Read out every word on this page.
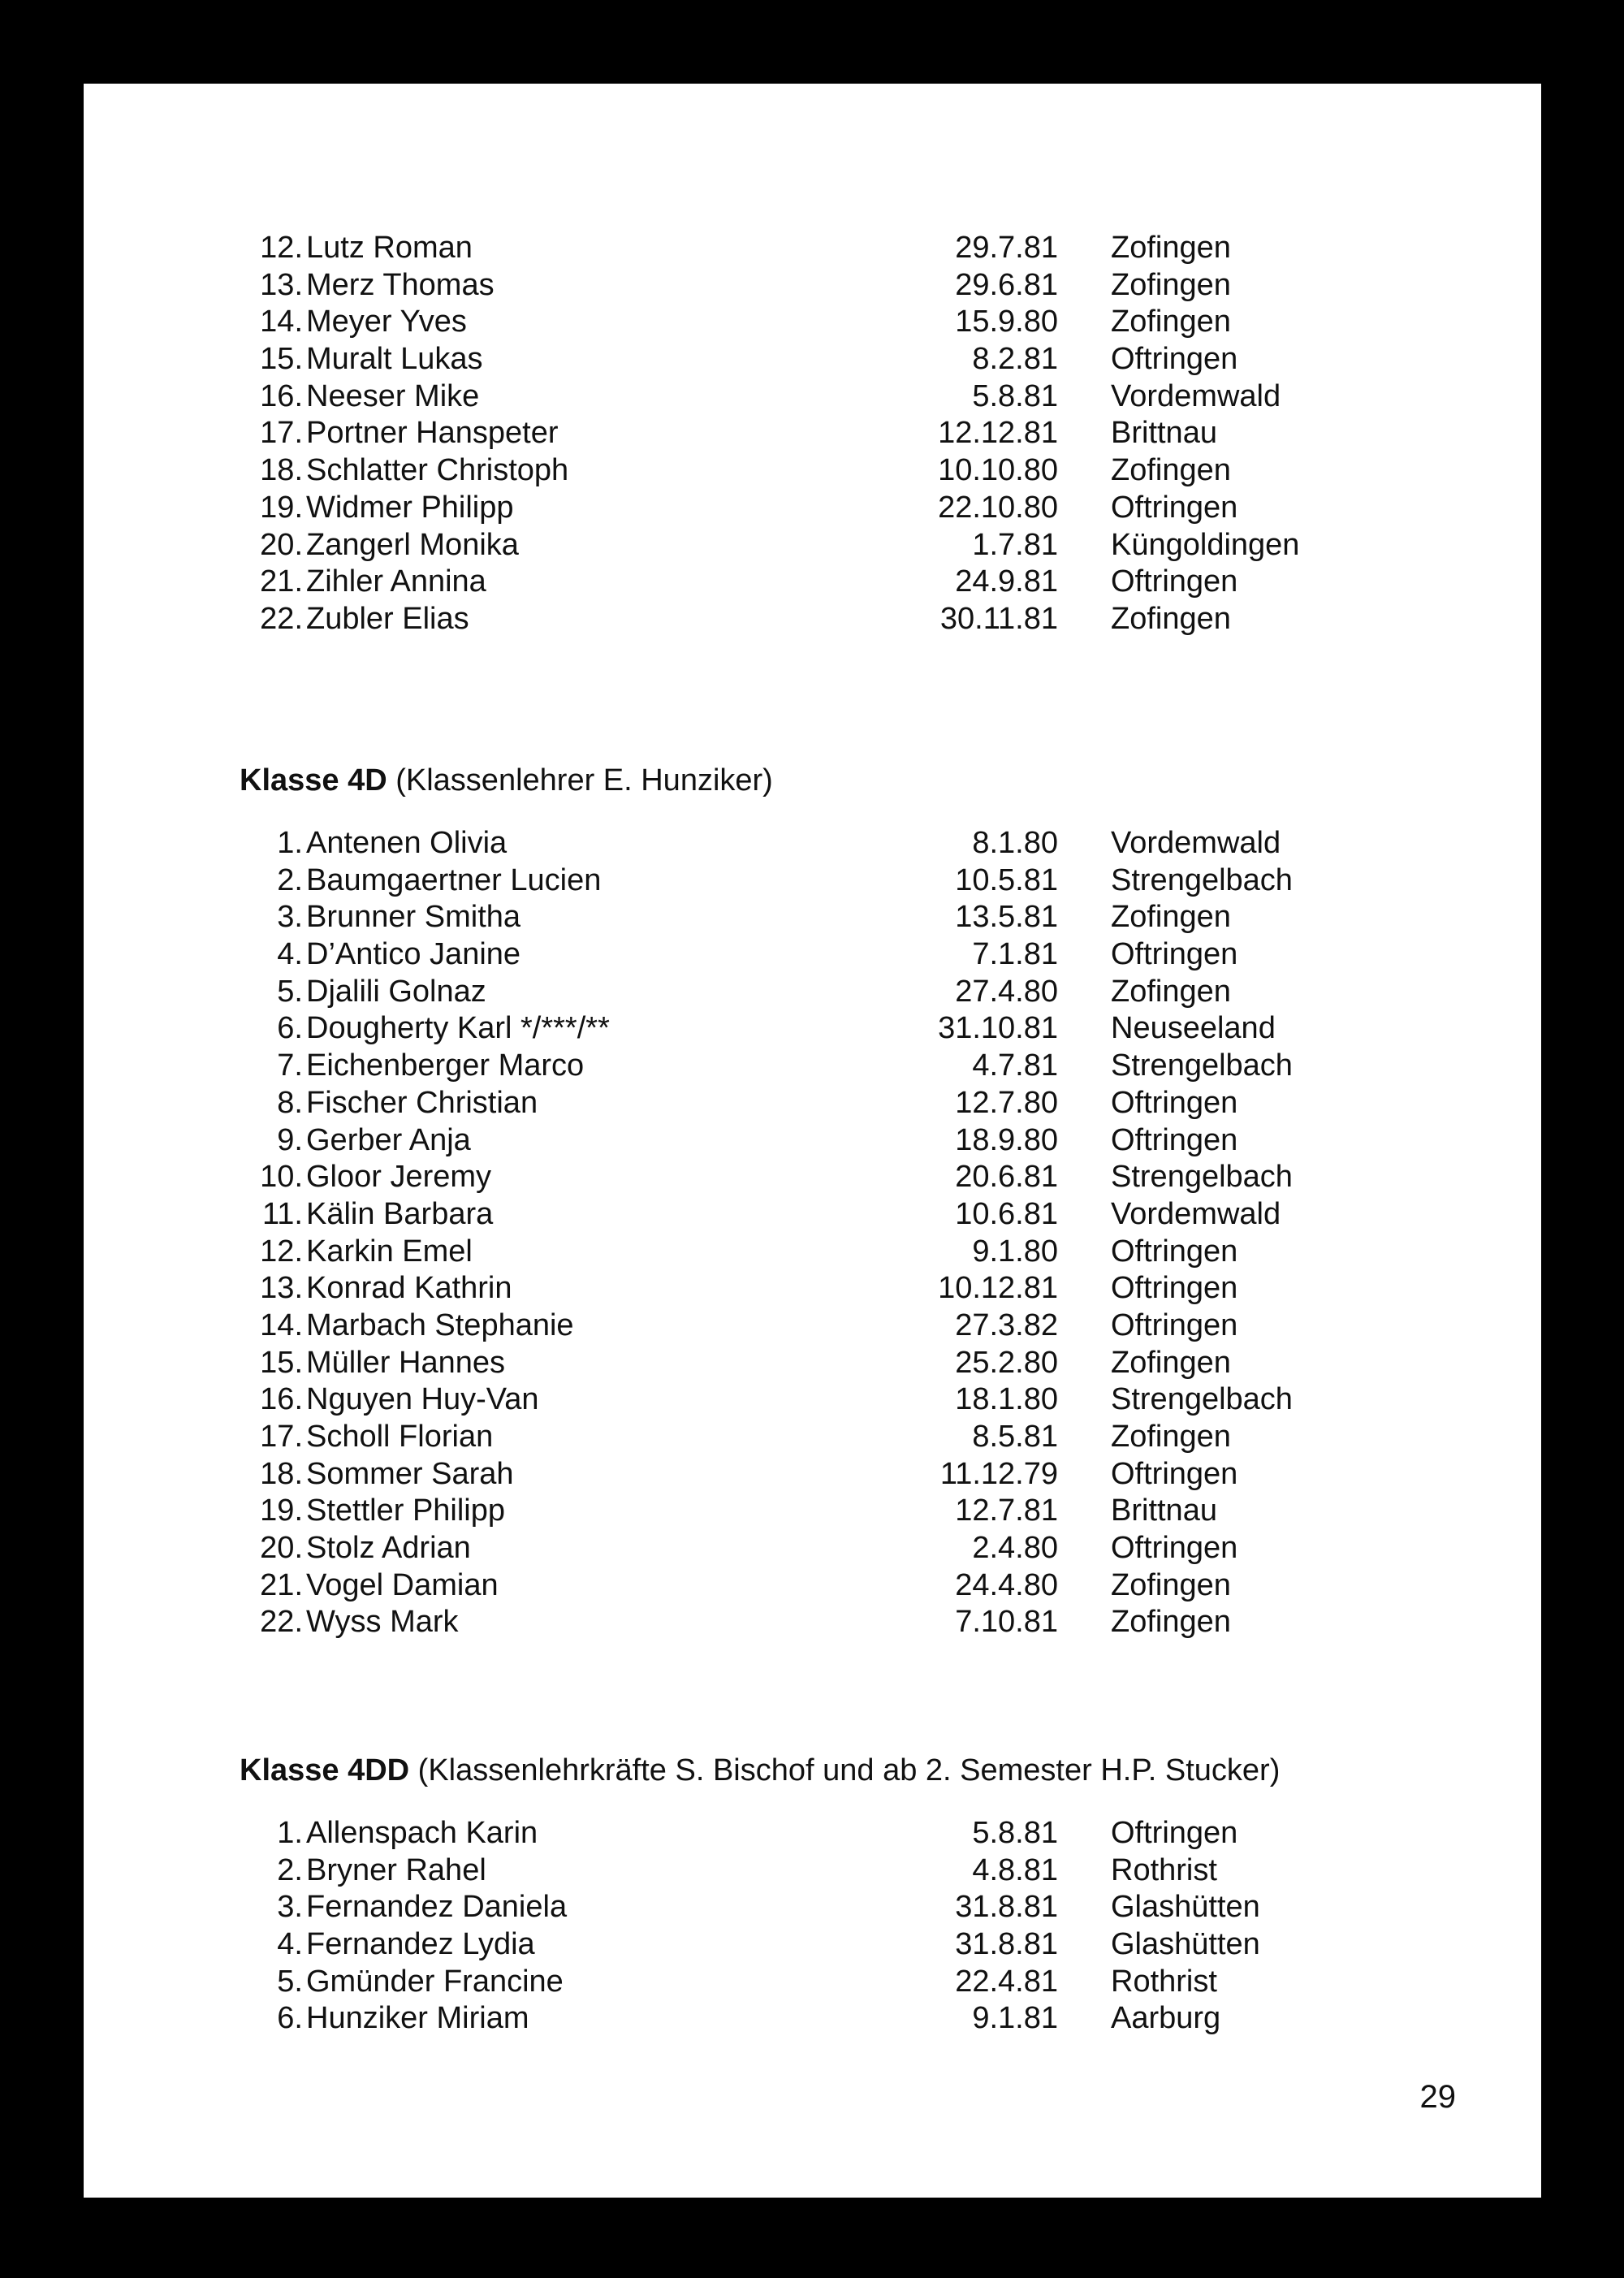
12. Lutz Roman	29.7.81 Zofingen
13. Merz Thomas	29.6.81 Zofingen
14. Meyer Yves	15.9.80 Zofingen
15. Muralt Lukas	8.2.81 Oftringen
16. Neeser Mike	5.8.81 Vordemwald
17. Portner Hanspeter	12.12.81 Brittnau
18. Schlatter Christoph	10.10.80 Zofingen
19. Widmer Philipp	22.10.80 Oftringen
20. Zangerl Monika	1.7.81 Küngoldingen
21. Zihler Annina	24.9.81 Oftringen
22. Zubler Elias	30.11.81 Zofingen
Klasse 4D (Klassenlehrer E. Hunziker)
1. Antenen Olivia	8.1.80 Vordemwald
2. Baumgaertner Lucien	10.5.81 Strengelbach
3. Brunner Smitha	13.5.81 Zofingen
4. D’Antico Janine	7.1.81 Oftringen
5. Djalili Golnaz	27.4.80 Zofingen
6. Dougherty Karl */***/**	31.10.81 Neuseeland
7. Eichenberger Marco	4.7.81 Strengelbach
8. Fischer Christian	12.7.80 Oftringen
9. Gerber Anja	18.9.80 Oftringen
10. Gloor Jeremy	20.6.81 Strengelbach
11. Kälin Barbara	10.6.81 Vordemwald
12. Karkin Emel	9.1.80 Oftringen
13. Konrad Kathrin	10.12.81 Oftringen
14. Marbach Stephanie	27.3.82 Oftringen
15. Müller Hannes	25.2.80 Zofingen
16. Nguyen Huy-Van	18.1.80 Strengelbach
17. Scholl Florian	8.5.81 Zofingen
18. Sommer Sarah	11.12.79 Oftringen
19. Stettler Philipp	12.7.81 Brittnau
20. Stolz Adrian	2.4.80 Oftringen
21. Vogel Damian	24.4.80 Zofingen
22. Wyss Mark	7.10.81 Zofingen
Klasse 4DD (Klassenlehrkräfte S. Bischof und ab 2. Semester H.P. Stucker)
1. Allenspach Karin	5.8.81 Oftringen
2. Bryner Rahel	4.8.81 Rothrist
3. Fernandez Daniela	31.8.81 Glashütten
4. Fernandez Lydia	31.8.81 Glashütten
5. Gmünder Francine	22.4.81 Rothrist
6. Hunziker Miriam	9.1.81 Aarburg
29
